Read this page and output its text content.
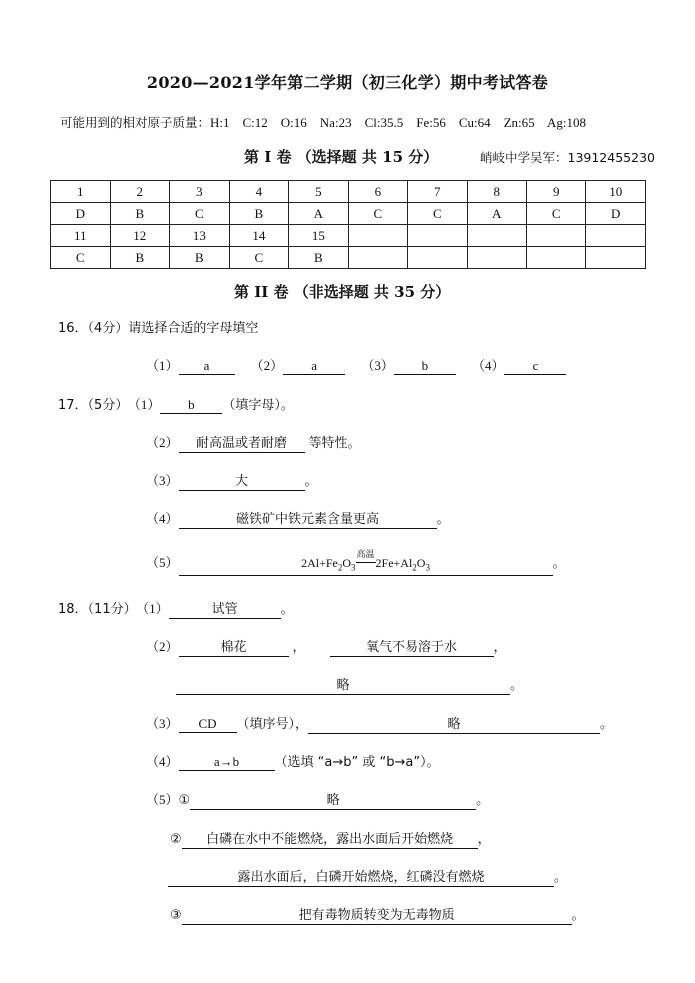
2020—2021学年第二学期（初三化学）期中考试答卷
可能用到的相对原子质量：H:1    C:12    O:16    Na:23    Cl:35.5    Fe:56    Cu:64    Zn:65    Ag:108
第 I 卷 （选择题 共 15 分）	峭岐中学吴军：13912455230
1	2	3	4	5	6	7	8	9	10
D	B	C	B	A	C	C	A	C	D
11	12	13	14	15					
C	B	B	C	B					
第 II 卷 （非选择题 共 35 分）
16．（4分）请选择合适的字母填空
（1） a	（2） a	（3） b	（4） c
17．（5分） （1） b （填字母）。
（2） 耐高温或者耐磨 等特性。
（3）	大	。
（4）	磁铁矿中铁元素含量更高	。
（5）	$2Al+Fe_2O_3$
高温
$2Fe+Al_2O_3$	。
18．（11分） （1）	试管	。
（2）	棉花	，	氧气不易溶于水	，
略	。
（3） CD （填序号），	略	。
（4）	a→b	（选填 “a→b” 或 “b→a”）。
（5）①	略	。
② 白磷在水中不能燃烧，露出水面后开始燃烧 ，
露出水面后，白磷开始燃烧，红磷没有燃烧	。
③	把有毒物质转变为无毒物质	。
